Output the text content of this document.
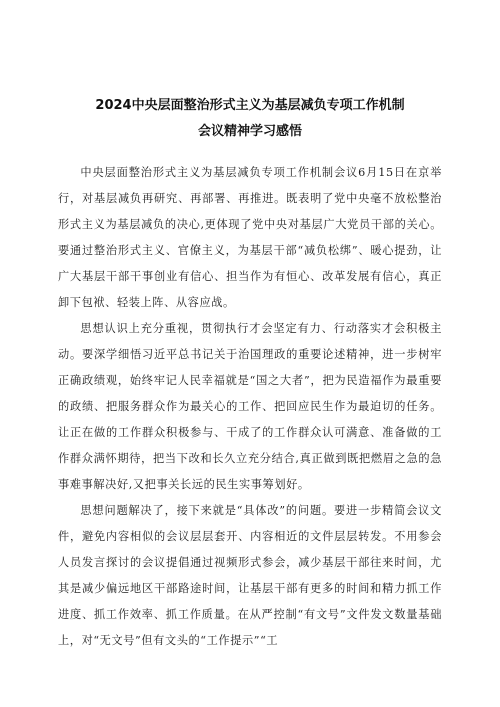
2024中央层面整治形式主义为基层减负专项工作机制
会议精神学习感悟

中央层面整治形式主义为基层减负专项工作机制会议6月15日在京举行，对基层减负再研究、再部署、再推进。既表明了党中央毫不放松整治形式主义为基层减负的决心,更体现了党中央对基层广大党员干部的关心。要通过整治形式主义、官僚主义，为基层干部“减负松绑”、暖心提劲，让广大基层干部干事创业有信心、担当作为有恒心、改革发展有信心，真正卸下包袱、轻装上阵、从容应战。

思想认识上充分重视，贯彻执行才会坚定有力、行动落实才会积极主动。要深学细悟习近平总书记关于治国理政的重要论述精神，进一步树牢正确政绩观，始终牢记人民幸福就是“国之大者”，把为民造福作为最重要的政绩、把服务群众作为最关心的工作、把回应民生作为最迫切的任务。让正在做的工作群众积极参与、干成了的工作群众认可满意、准备做的工作群众满怀期待，把当下改和长久立充分结合,真正做到既把燃眉之急的急事难事解决好,又把事关长远的民生实事筹划好。

思想问题解决了，接下来就是“具体改”的问题。要进一步精简会议文件，避免内容相似的会议层层套开、内容相近的文件层层转发。不用参会人员发言探讨的会议提倡通过视频形式参会，减少基层干部往来时间，尤其是减少偏远地区干部路途时间，让基层干部有更多的时间和精力抓工作进度、抓工作效率、抓工作质量。在从严控制“有文号”文件发文数量基础上，对“无文号”但有文头的“工作提示”“工
